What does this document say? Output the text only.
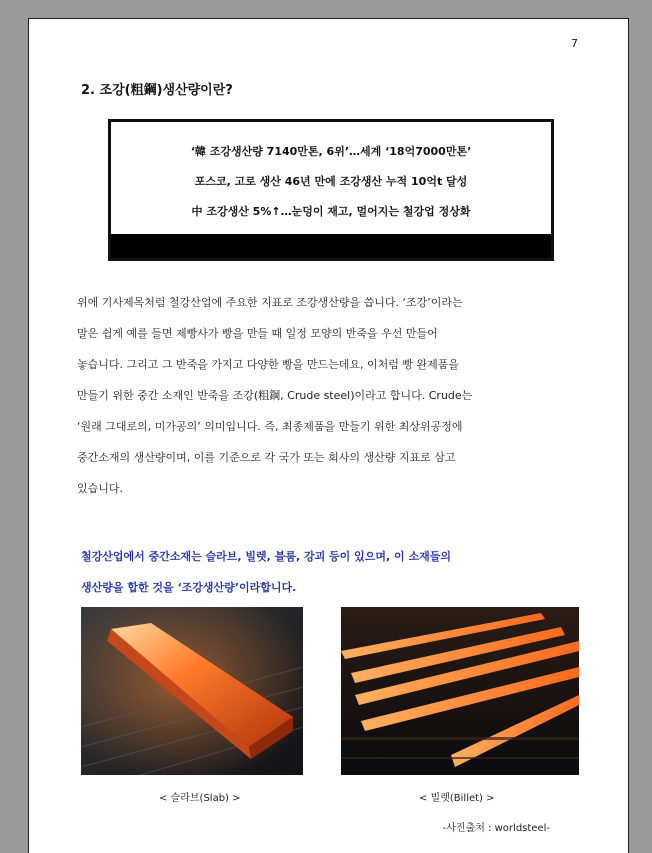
7
2. 조강(粗鋼)생산량이란?
‘韓 조강생산량 7140만톤, 6위’…세계 ‘18억7000만톤’
포스코, 고로 생산 46년 만에 조강생산 누적 10억t 달성
中 조강생산 5%↑…눈덩이 재고, 멀어지는 철강업 정상화
위에 기사제목처럼 철강산업에 주요한 지표로 조강생산량을 씁니다. ‘조강’이라는
말은 쉽게 예를 들면 제빵사가 빵을 만들 때 일정 모양의 반죽을 우선 만들어
놓습니다. 그리고 그 반죽을 가지고 다양한 빵을 만드는데요, 이처럼 빵 완제품을
만들기 위한 중간 소재인 반죽을 조강(粗鋼, Crude steel)이라고 합니다. Crude는
‘원래 그대로의, 미가공의’ 의미입니다. 즉, 최종제품을 만들기 위한 최상위공정에
중간소재의 생산량이며, 이를 기준으로 각 국가 또는 회사의 생산량 지표로 삼고
있습니다.
철강산업에서 중간소재는 슬라브, 빌렛, 블룸, 강괴 등이 있으며, 이 소재들의
생산량을 합한 것을 ‘조강생산량’이라합니다.
< 슬라브(Slab) >	< 빌렛(Billet) >
-사진출처 : worldsteel-
